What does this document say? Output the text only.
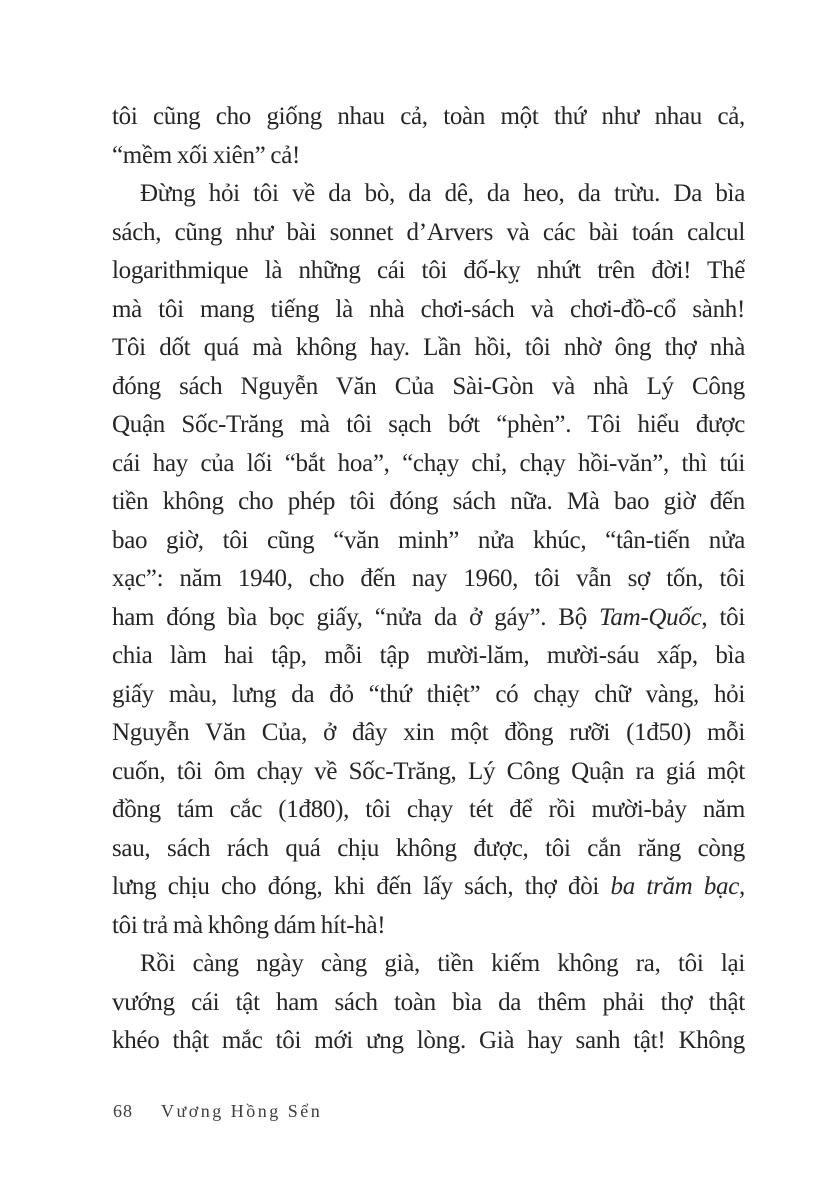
tôi cũng cho giống nhau cả, toàn một thứ như nhau cả,
“mềm xối xiên” cả!
Đừng hỏi tôi về da bò, da dê, da heo, da trừu. Da bìa
sách, cũng như bài sonnet d’Arvers và các bài toán calcul
logarithmique là những cái tôi đố-kỵ nhứt trên đời! Thế
mà tôi mang tiếng là nhà chơi-sách và chơi-đồ-cổ sành!
Tôi dốt quá mà không hay. Lần hồi, tôi nhờ ông thợ nhà
đóng sách Nguyễn Văn Của Sài-Gòn và nhà Lý Công
Quận Sốc-Trăng mà tôi sạch bớt “phèn”. Tôi hiểu được
cái hay của lối “bắt hoa”, “chạy chỉ, chạy hồi-văn”, thì túi
tiền không cho phép tôi đóng sách nữa. Mà bao giờ đến
bao giờ, tôi cũng “văn minh” nửa khúc, “tân-tiến nửa
xạc”: năm 1940, cho đến nay 1960, tôi vẫn sợ tốn, tôi
ham đóng bìa bọc giấy, “nửa da ở gáy”. Bộ Tam-Quốc, tôi
chia làm hai tập, mỗi tập mười-lăm, mười-sáu xấp, bìa
giấy màu, lưng da đỏ “thứ thiệt” có chạy chữ vàng, hỏi
Nguyễn Văn Của, ở đây xin một đồng rưỡi (1đ50) mỗi
cuốn, tôi ôm chạy về Sốc-Trăng, Lý Công Quận ra giá một
đồng tám cắc (1đ80), tôi chạy tét để rồi mười-bảy năm
sau, sách rách quá chịu không được, tôi cắn răng còng
lưng chịu cho đóng, khi đến lấy sách, thợ đòi ba trăm bạc,
tôi trả mà không dám hít-hà!
Rồi càng ngày càng già, tiền kiếm không ra, tôi lại
vướng cái tật ham sách toàn bìa da thêm phải thợ thật
khéo thật mắc tôi mới ưng lòng. Già hay sanh tật! Không
68 Vương Hồng Sển
